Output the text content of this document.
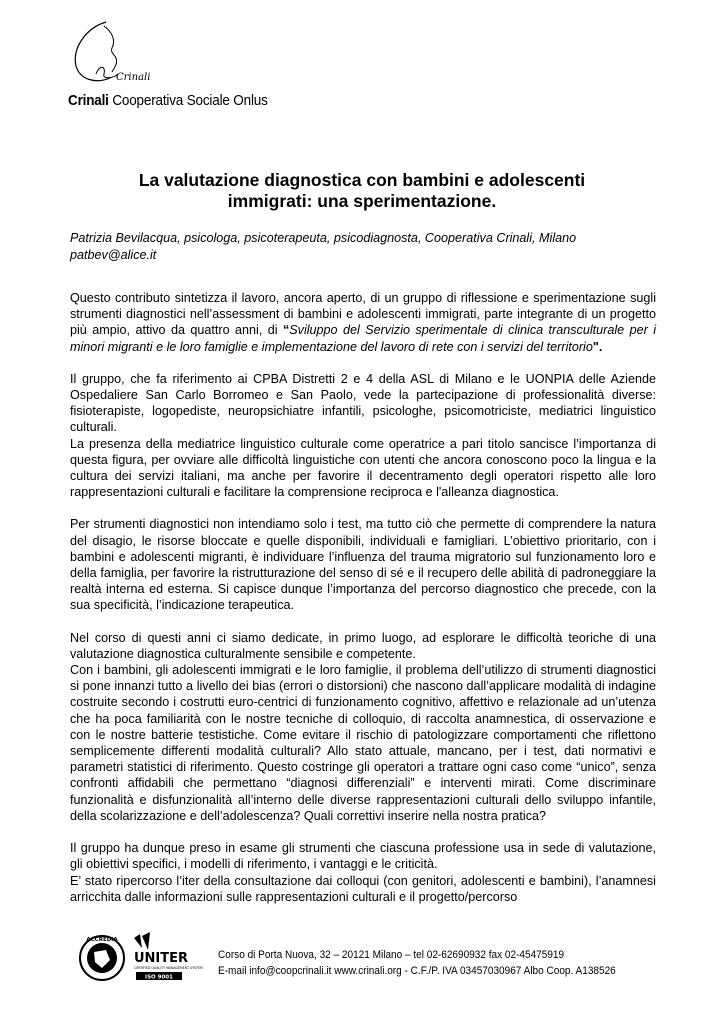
Crinali
Crinali Cooperativa Sociale Onlus
La valutazione diagnostica con bambini e adolescenti
immigrati: una sperimentazione.
Patrizia Bevilacqua, psicologa, psicoterapeuta, psicodiagnosta, Cooperativa Crinali, Milano
patbev@alice.it

Questo contributo sintetizza il lavoro, ancora aperto, di un gruppo di riflessione e sperimentazione sugli strumenti diagnostici nell’assessment di bambini e adolescenti immigrati, parte integrante di un progetto più ampio, attivo da quattro anni, di “Sviluppo del Servizio sperimentale di clinica transculturale per i minori migranti e le loro famiglie e implementazione del lavoro di rete con i servizi del territorio".

Il gruppo, che fa riferimento ai CPBA Distretti 2 e 4 della ASL di Milano e le UONPIA delle Aziende Ospedaliere San Carlo Borromeo e San Paolo, vede la partecipazione di professionalità diverse: fisioterapiste, logopediste, neuropsichiatre infantili, psicologhe, psicomotriciste, mediatrici linguistico culturali.

La presenza della mediatrice linguistico culturale come operatrice a pari titolo sancisce l’importanza di questa figura, per ovviare alle difficoltà linguistiche con utenti che ancora conoscono poco la lingua e la cultura dei servizi italiani, ma anche per favorire il decentramento degli operatori rispetto alle loro rappresentazioni culturali e facilitare la comprensione reciproca e l'alleanza diagnostica.

Per strumenti diagnostici non intendiamo solo i test, ma tutto ciò che permette di comprendere la natura del disagio, le risorse bloccate e quelle disponibili, individuali e famigliari. L’obiettivo prioritario, con i bambini e adolescenti migranti, è individuare l’influenza del trauma migratorio sul funzionamento loro e della famiglia, per favorire la ristrutturazione del senso di sé e il recupero delle abilità di padroneggiare la realtà interna ed esterna. Si capisce dunque l’importanza del percorso diagnostico che precede, con la sua specificità, l’indicazione terapeutica.

Nel corso di questi anni ci siamo dedicate, in primo luogo, ad esplorare le difficoltà teoriche di una valutazione diagnostica culturalmente sensibile e competente.

Con i bambini, gli adolescenti immigrati e le loro famiglie, il problema dell’utilizzo di strumenti diagnostici si pone innanzi tutto a livello dei bias (errori o distorsioni) che nascono dall’applicare modalità di indagine costruite secondo i costrutti euro-centrici di funzionamento cognitivo, affettivo e relazionale ad un’utenza che ha poca familiarità con le nostre tecniche di colloquio, di raccolta anamnestica, di osservazione e con le nostre batterie testistiche. Come evitare il rischio di patologizzare comportamenti che riflettono semplicemente differenti modalità culturali? Allo stato attuale, mancano, per i test, dati normativi e parametri statistici di riferimento. Questo costringe gli operatori a trattare ogni caso come “unico”, senza confronti affidabili che permettano “diagnosi differenziali” e interventi mirati. Come discriminare funzionalità e disfunzionalità all’interno delle diverse rappresentazioni culturali dello sviluppo infantile, della scolarizzazione e dell’adolescenza? Quali correttivi inserire nella nostra pratica?

Il gruppo ha dunque preso in esame gli strumenti che ciascuna professione usa in sede di valutazione, gli obiettivi specifici, i modelli di riferimento, i vantaggi e le criticità.

E’ stato ripercorso l’iter della consultazione dai colloqui (con genitori, adolescenti e bambini), l’anamnesi arricchita dalle informazioni sulle rappresentazioni culturali e il progetto/percorso

ACCREDIA
UNITER
CERTIFIED QUALITY MANAGEMENT SYSTEM
ISO 9001
Corso di Porta Nuova, 32 – 20121 Milano – tel 02-62690932 fax 02-45475919
E-mail info@coopcrinali.it www.crinali.org - C.F./P. IVA 03457030967 Albo Coop. A138526
